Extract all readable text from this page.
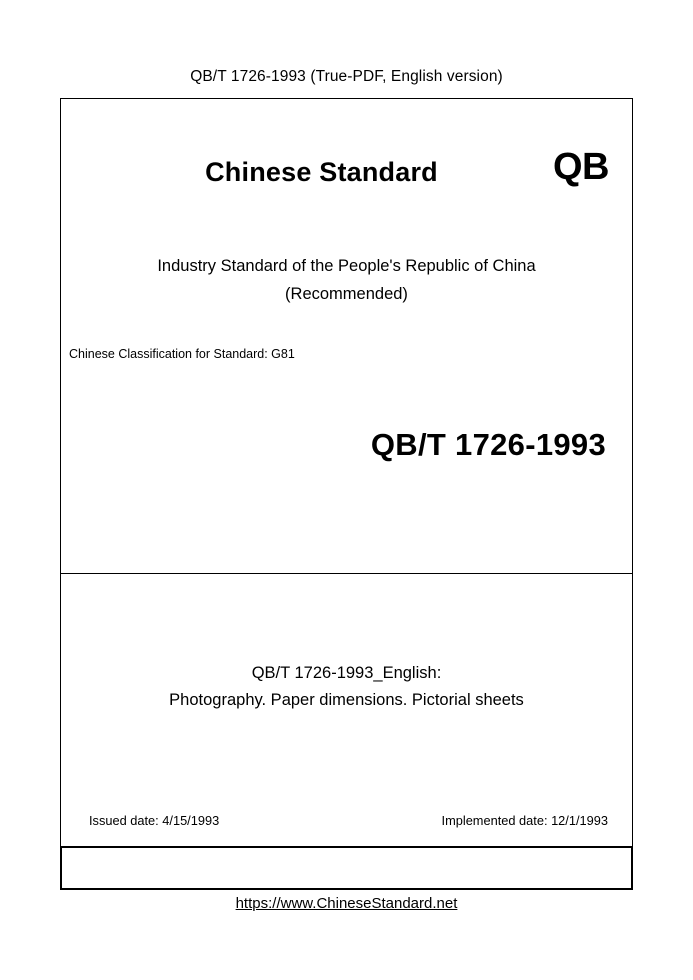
QB/T 1726-1993 (True-PDF, English version)
Chinese Standard	QB
Industry Standard of the People's Republic of China
(Recommended)
Chinese Classification for Standard: G81
QB/T 1726-1993
QB/T 1726-1993_English:
Photography. Paper dimensions. Pictorial sheets
Issued date: 4/15/1993	Implemented date: 12/1/1993
https://www.ChineseStandard.net
